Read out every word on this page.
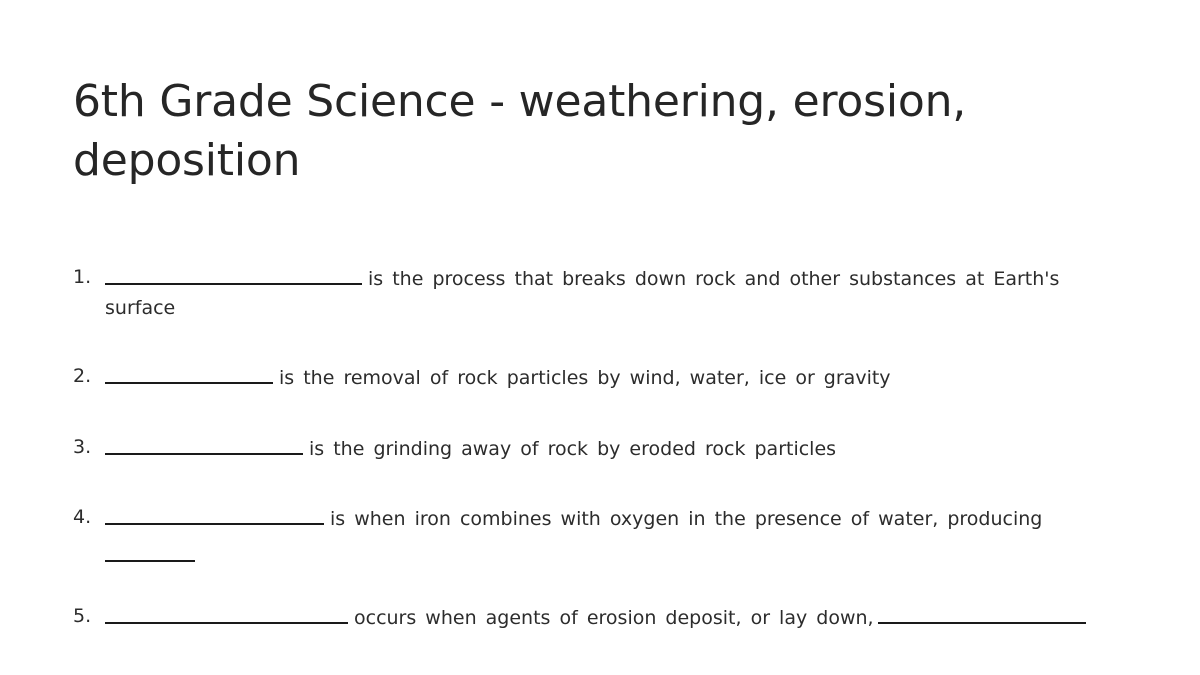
6th Grade Science - weathering, erosion, deposition
1.	is the process that breaks down rock and other substances at Earth's surface
2.	is the removal of rock particles by wind, water, ice or gravity
3.	is the grinding away of rock by eroded rock particles
4.	is when iron combines with oxygen in the presence of water, producing

5.	occurs when agents of erosion deposit, or lay down,
